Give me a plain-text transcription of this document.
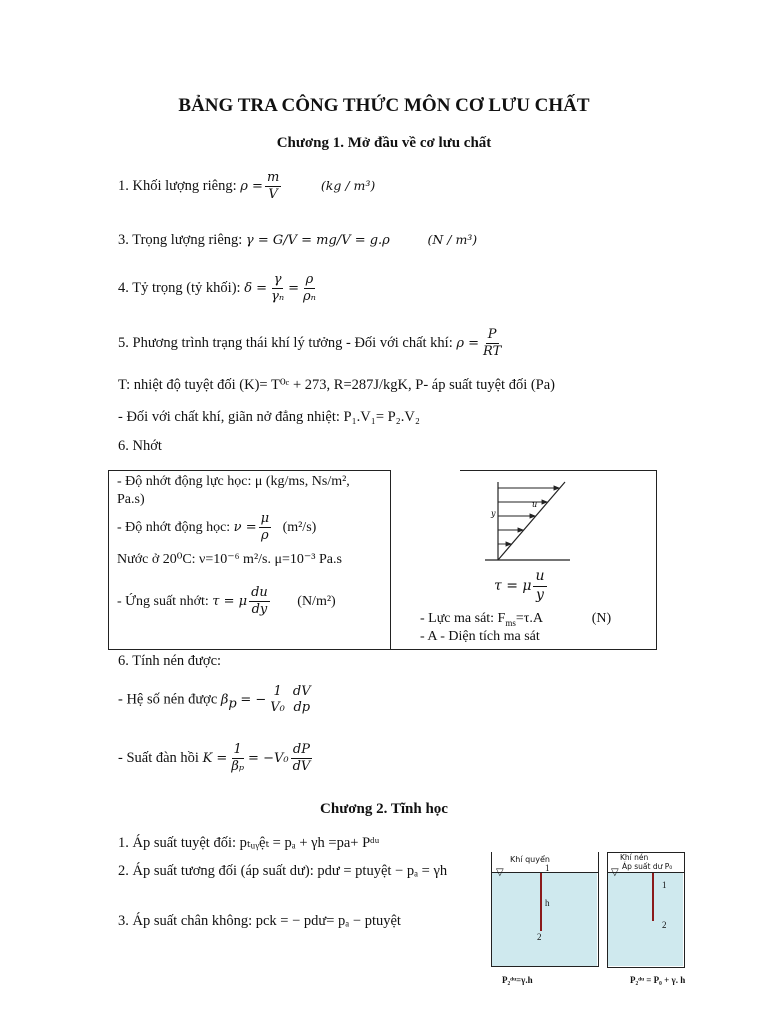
BẢNG TRA CÔNG THỨC MÔN CƠ LƯU CHẤT
Chương 1. Mở đầu về cơ lưu chất
1. Khối lượng riêng: $\rho = \frac{m}{V}$	(kg / m³)
3. Trọng lượng riêng: γ = G/V = mg/V = g.ρ	(N / m³)
4. Tỷ trọng (tỷ khối): $\delta = \frac{\gamma}{\text{γₙ}} = \frac{\rho}{\text{ρₙ}}$
5. Phương trình trạng thái khí lý tưởng - Đối với chất khí: $\rho = \frac{P}{RT}$
T: nhiệt độ tuyệt đối (K)= T⁰ᶜ + 273, R=287J/kgK, P- áp suất tuyệt đối (Pa)
- Đối với chất khí, giãn nở đẳng nhiệt: P₁.V₁= P₂.V₂
6. Nhớt
- Độ nhớt động lực học: μ (kg/ms, Ns/m²,
Pa.s)
- Độ nhớt động học: $\nu = \frac{\mu}{\rho} (m^2/s)$
Nước ở 20⁰C: ν=10⁻⁶ m²/s. μ=10⁻³ Pa.s
- Ứng suất nhớt: τ = μ $\frac{du}{dy} (N/m^2)$
u
y
τ = μ $\frac{u}{y}$
- Lực ma sát: $F_{ms}=\tau.A$	(N)
- A - Diện tích ma sát
6. Tính nén được:
- Hệ số nén được $\beta_p$ = −
1
V₀
dV
dp
- Suất đàn hồi $K = \frac{1}{\text{βₚ}} = -V_0 \frac{dP}{dV}$
Chương 2. Tĩnh học
1. Áp suất tuyệt đối: pₜᵤᵧệₜ = pₐ + γh =pa+ Pᵈᵘ
2. Áp suất tương đối (áp suất dư): pdư = ptuyệt − pₐ = γh
3. Áp suất chân không: pck = − pdư= pₐ − ptuyệt
Khí quyển
1
h
2
▽
P₂ᵈᵘ=γ.h
Khí nén
Áp suất dư P₀
1
2
▽
P₂ᵈᵘ = P₀ + γ. h
